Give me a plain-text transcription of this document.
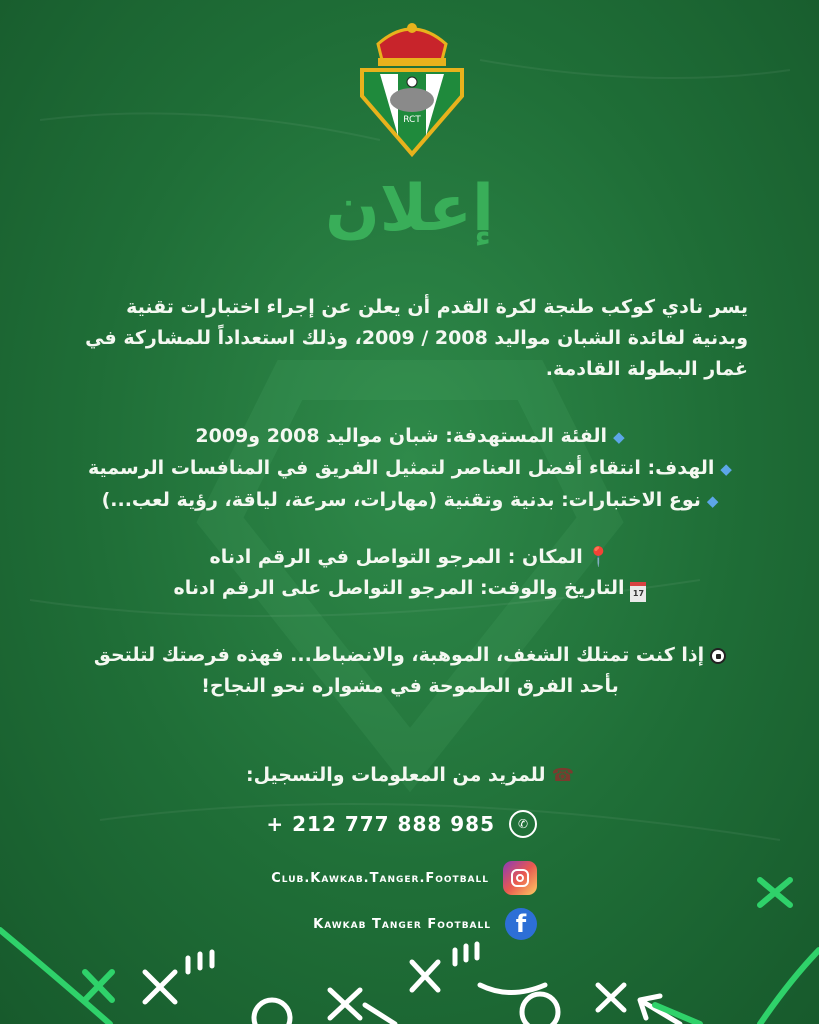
RCT
إعلان
يسر نادي كوكب طنجة لكرة القدم أن يعلن عن إجراء اختبارات تقنية
وبدنية لفائدة الشبان مواليد 2008 / 2009، وذلك استعداداً للمشاركة في
غمار البطولة القادمة.
◆الفئة المستهدفة: شبان مواليد 2008 و2009
◆الهدف: انتقاء أفضل العناصر لتمثيل الفريق في المنافسات الرسمية
◆نوع الاختبارات: بدنية وتقنية (مهارات، سرعة، لياقة، رؤية لعب...)
📍المكان : المرجو التواصل في الرقم ادناه
17التاريخ والوقت: المرجو التواصل على الرقم ادناه
إذا كنت تمتلك الشغف، الموهبة، والانضباط... فهذه فرصتك لتلتحق
بأحد الفرق الطموحة في مشواره نحو النجاح!
☎للمزيد من المعلومات والتسجيل:
+ 212 777 888 985	✆
Club.Kawkab.Tanger.Football
Kawkab Tanger Football	f
